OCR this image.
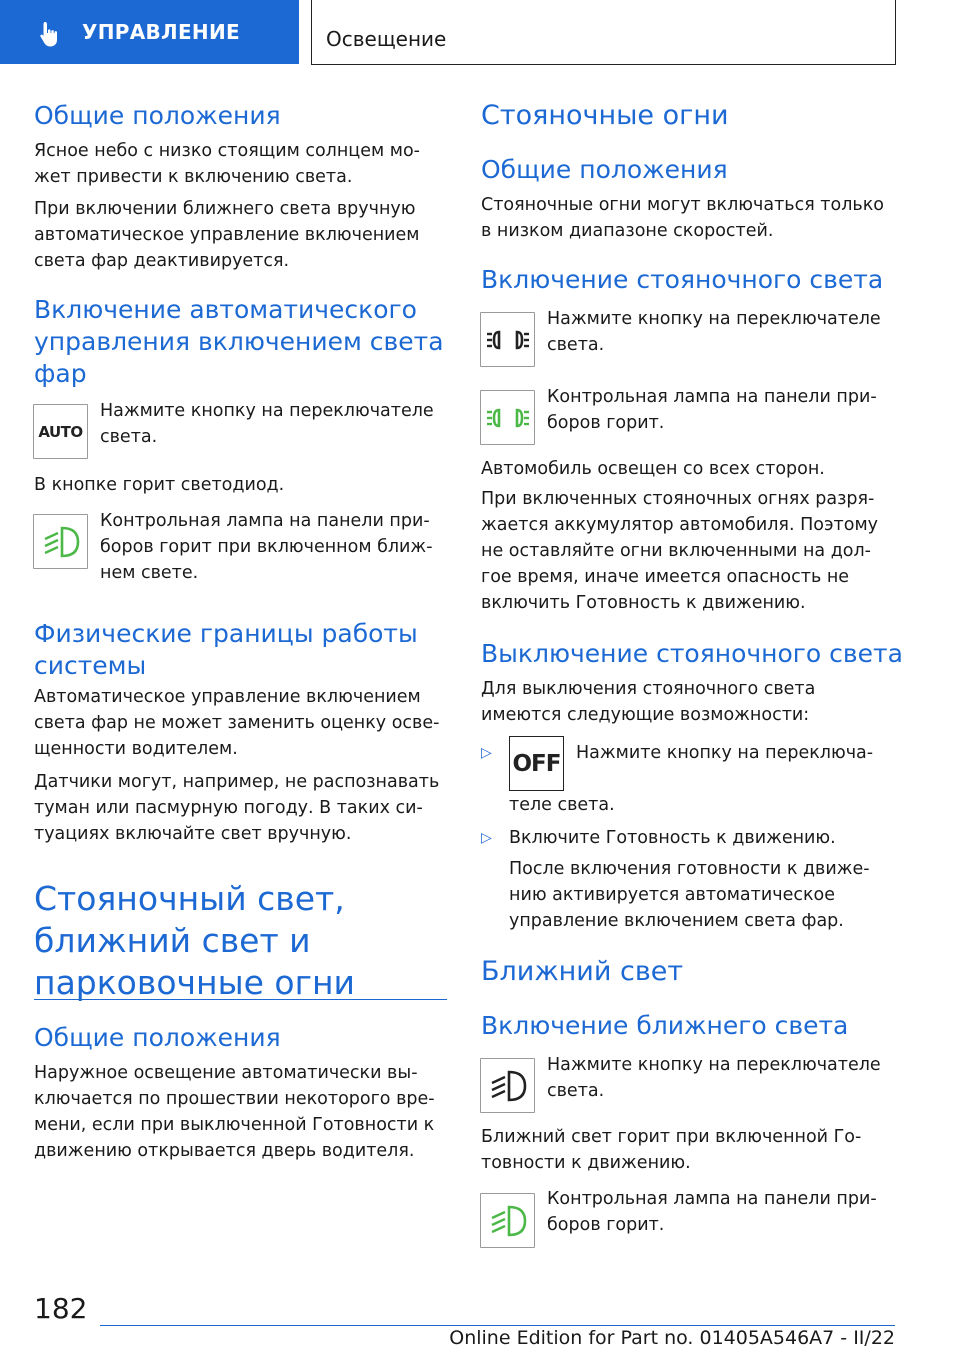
УПРАВЛЕНИЕ	Освещение
Общие положения
Ясное небо с низко стоящим солнцем мо-
жет привести к включению света.
При включении ближнего света вручную
автоматическое управление включением
света фар деактивируется.
Включение автоматического
управления включением света
фар
AUTO
Нажмите кнопку на переключателе
света.
В кнопке горит светодиод.
Контрольная лампа на панели при-
боров горит при включенном ближ-
нем свете.
Физические границы работы
системы
Автоматическое управление включением
света фар не может заменить оценку осве-
щенности водителем.
Датчики могут, например, не распознавать
туман или пасмурную погоду. В таких си-
туациях включайте свет вручную.
Стояночный свет,
ближний свет и
парковочные огни
Общие положения
Наружное освещение автоматически вы-
ключается по прошествии некоторого вре-
мени, если при выключенной Готовности к
движению открывается дверь водителя.
Стояночные огни
Общие положения
Стояночные огни могут включаться только
в низком диапазоне скоростей.
Включение стояночного света
Нажмите кнопку на переключателе
света.
Контрольная лампа на панели при-
боров горит.
Автомобиль освещен со всех сторон.
При включенных стояночных огнях разря-
жается аккумулятор автомобиля. Поэтому
не оставляйте огни включенными на дол-
гое время, иначе имеется опасность не
включить Готовность к движению.
Выключение стояночного света
Для выключения стояночного света
имеются следующие возможности:
▷ OFF Нажмите кнопку на переключа-
теле света.
▷ Включите Готовность к движению.
После включения готовности к движе-
нию активируется автоматическое
управление включением света фар.
Ближний свет
Включение ближнего света
Нажмите кнопку на переключателе
света.
Ближний свет горит при включенной Го-
товности к движению.
Контрольная лампа на панели при-
боров горит.
182
Online Edition for Part no. 01405A546A7 - II/22
